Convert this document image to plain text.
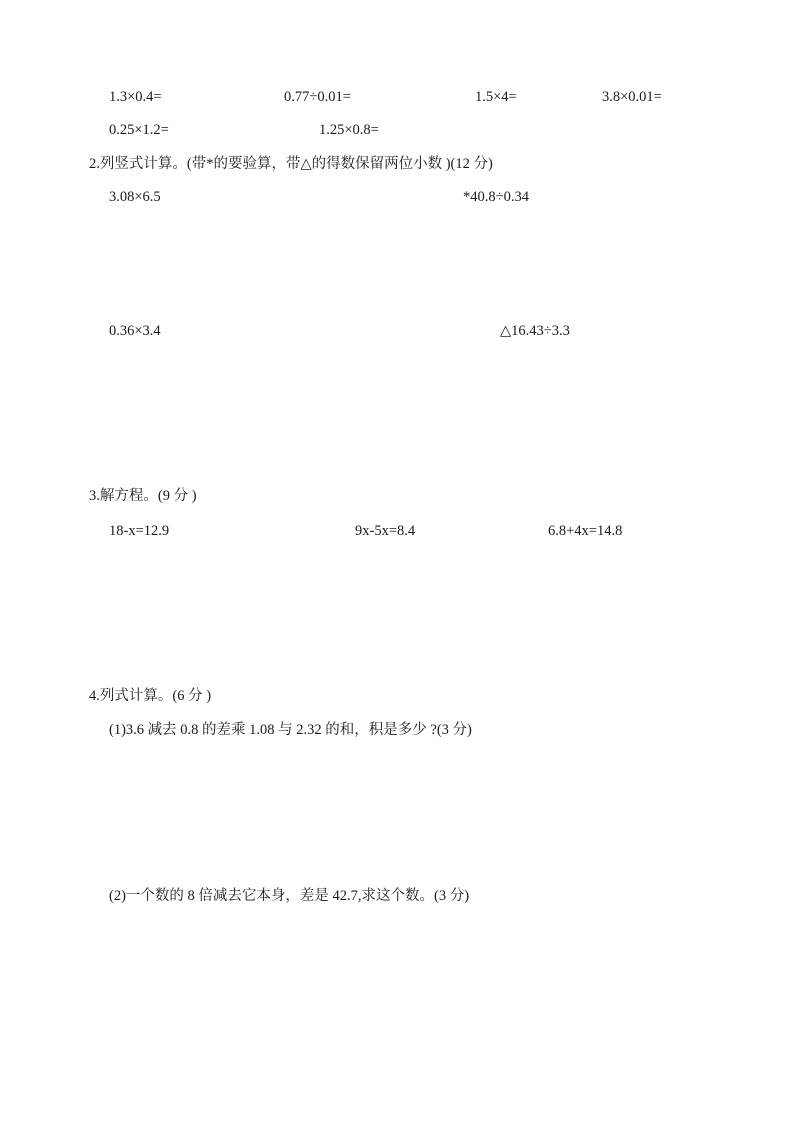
1.3×0.4=	0.77÷0.01=	1.5×4=	3.8×0.01=
0.25×1.2=	1.25×0.8=
2.列竖式计算。(带*的要验算，带△的得数保留两位小数 )(12 分)
3.08×6.5	*40.8÷0.34
0.36×3.4	△16.43÷3.3
3.解方程。(9 分 )
18-x=12.9	9x-5x=8.4	6.8+4x=14.8
4.列式计算。(6 分 )
(1)3.6 减去 0.8 的差乘 1.08 与 2.32 的和，积是多少 ?(3 分)
(2)一个数的 8 倍减去它本身，差是 42.7,求这个数。(3 分)
